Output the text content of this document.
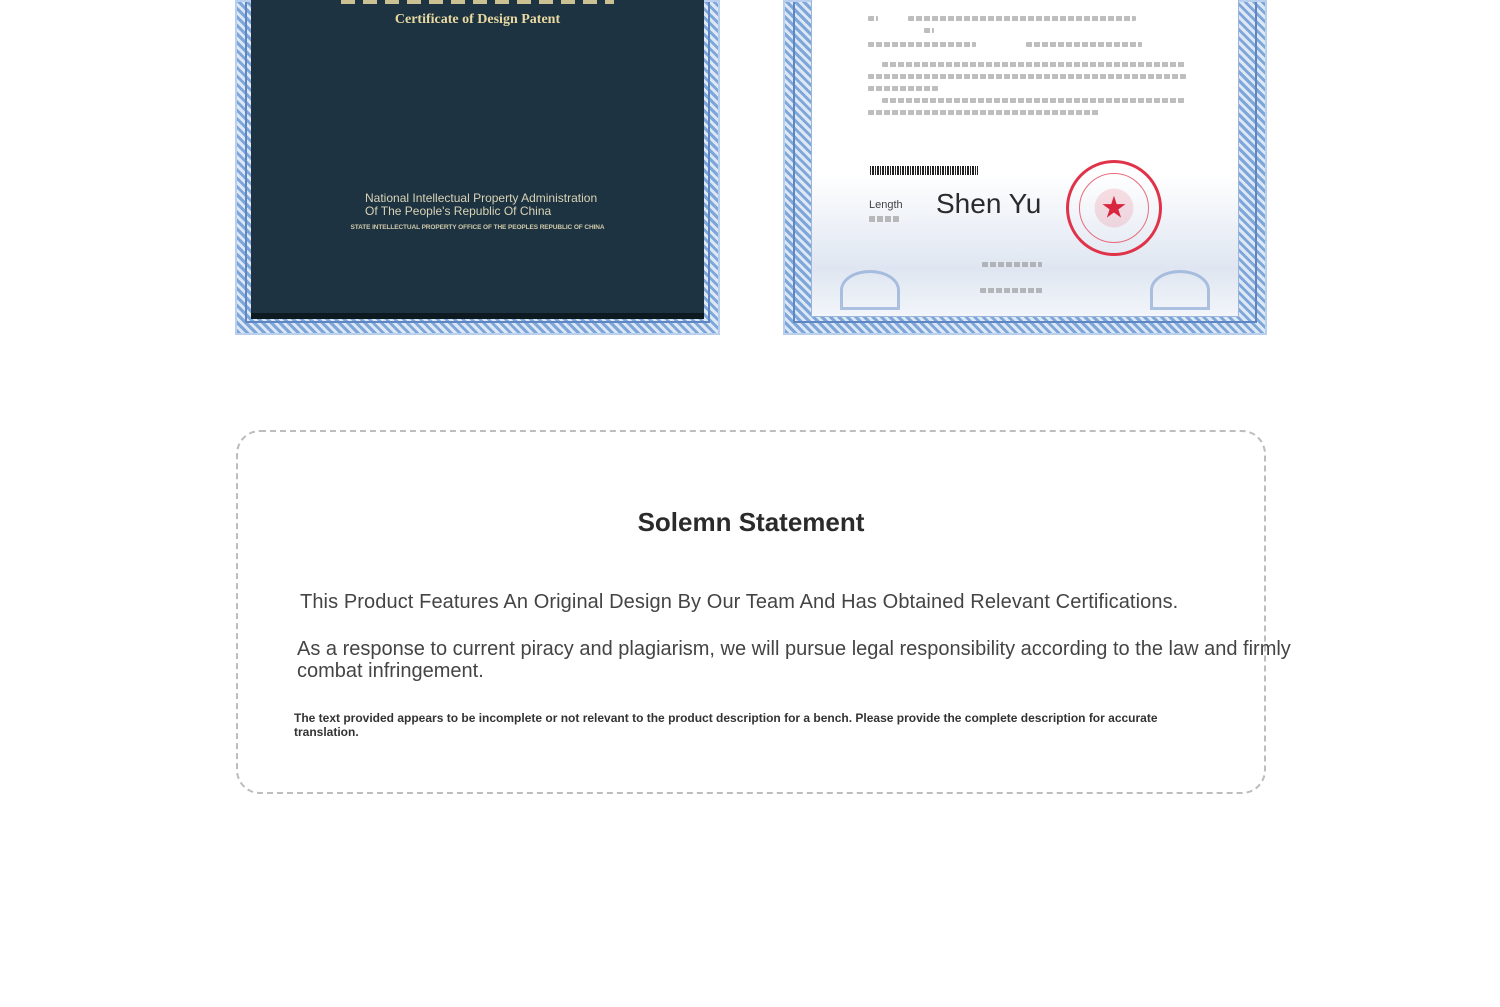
Certificate of Design Patent
National Intellectual Property Administration
Of The People's Republic Of China
STATE INTELLECTUAL PROPERTY OFFICE OF THE PEOPLES REPUBLIC OF CHINA
Length Shen Yu ★
Solemn Statement

This Product Features An Original Design By Our Team And Has Obtained Relevant Certifications.

As a response to current piracy and plagiarism, we will pursue legal responsibility according to the law and firmly combat infringement.

The text provided appears to be incomplete or not relevant to the product description for a bench. Please provide the complete description for accurate translation.
